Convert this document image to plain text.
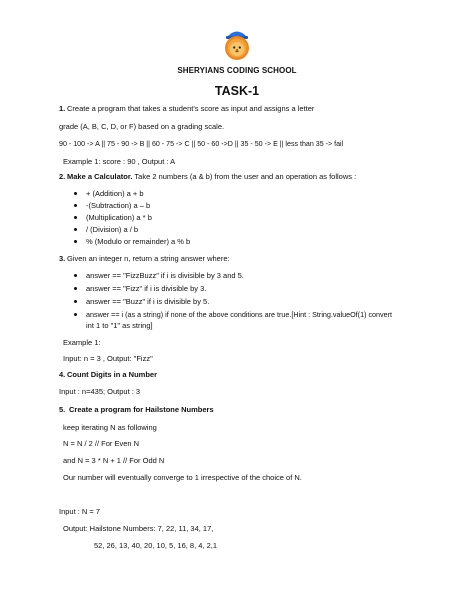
SHERYIANS CODING SCHOOL
TASK-1
1. Create a program that takes a student's score as input and assigns a letter
grade (A, B, C, D, or F) based on a grading scale.
90 - 100 -> A || 75 - 90 -> B || 60 - 75 -> C || 50 - 60 ->D || 35 - 50 -> E || less than 35 -> fail
Example 1: score : 90 , Output : A
2. Make a Calculator. Take 2 numbers (a & b) from the user and an operation as follows :
+ (Addition) a + b
-(Subtraction) a – b
(Multiplication) a * b
/ (Division) a / b
% (Modulo or remainder) a % b
3. Given an integer n, return a string answer where:
answer == "FizzBuzz" if i is divisible by 3 and 5.
answer == "Fizz" if i is divisible by 3.
answer == "Buzz" if i is divisible by 5.
answer == i (as a string) if none of the above conditions are true.[Hint : String.valueOf(1) convert
int 1 to "1" as string]
Example 1:
Input: n = 3 , Output: "Fizz"
4. Count Digits in a Number
Input : n=435; Output : 3
5. Create a program for Hailstone Numbers
keep iterating N as following
N = N / 2 // For Even N
and N = 3 * N + 1 // For Odd N
Our number will eventually converge to 1 irrespective of the choice of N.
Input : N = 7
Output: Hailstone Numbers: 7, 22, 11, 34, 17,
52, 26, 13, 40, 20, 10, 5, 16, 8, 4, 2,1
